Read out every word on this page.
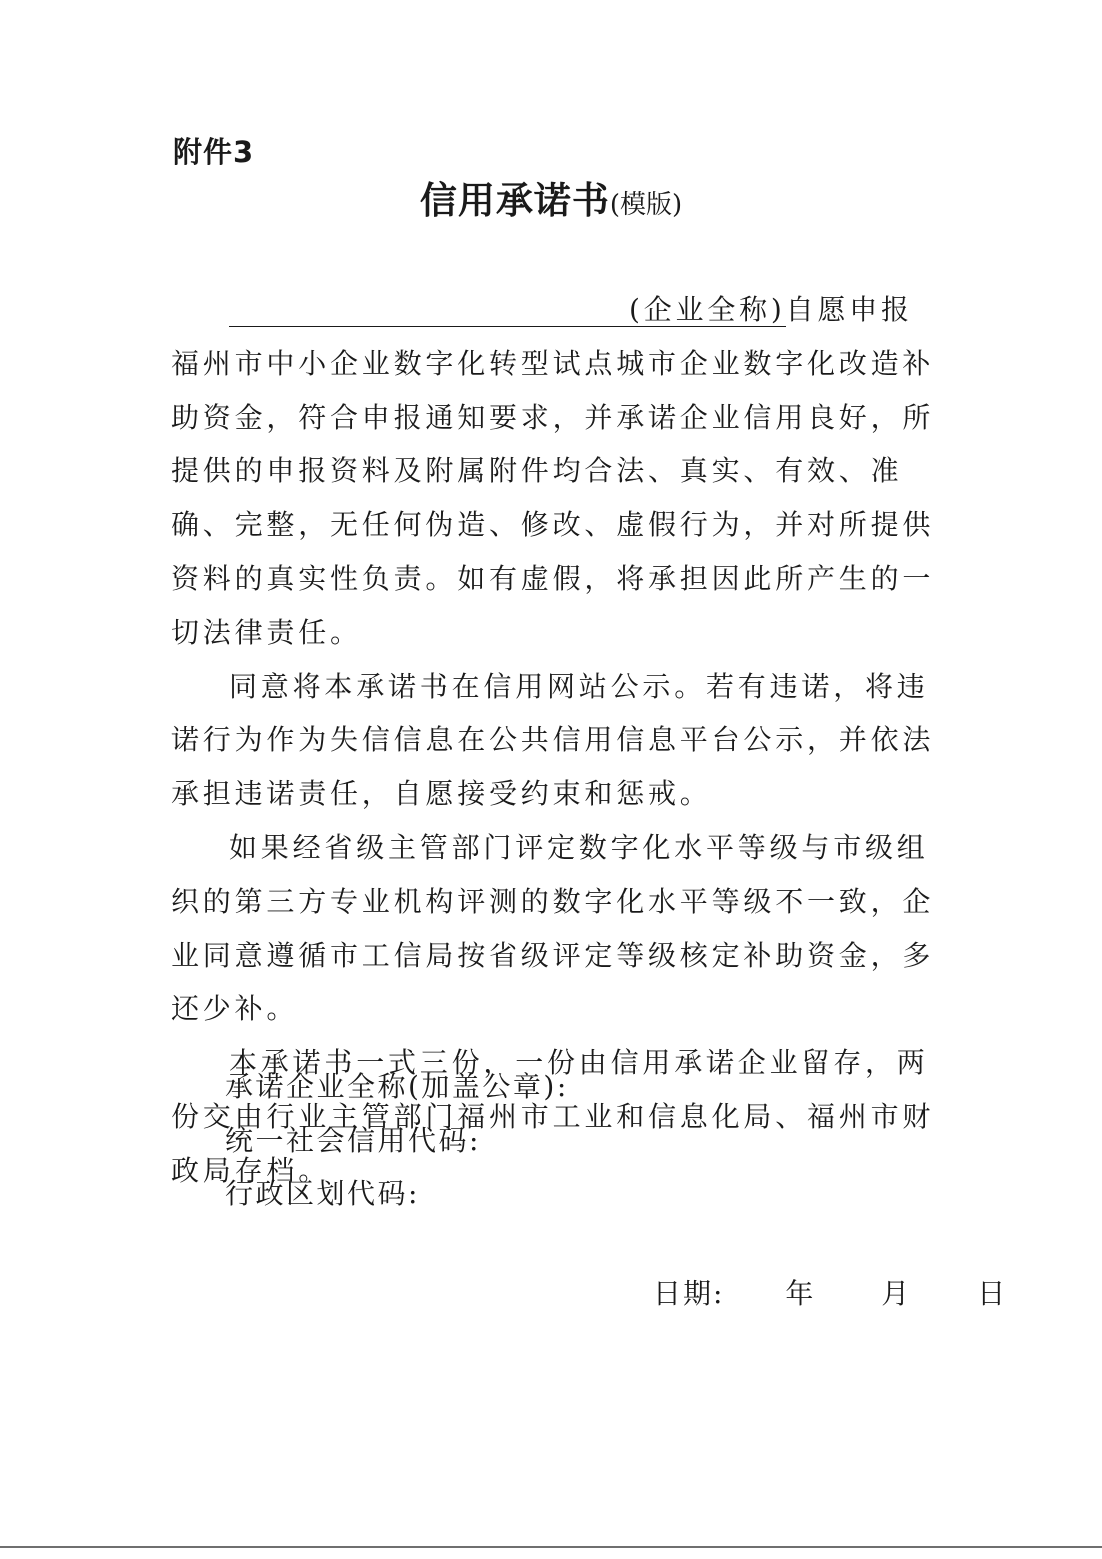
附件3
信用承诺书(模版)

(企业全称)自愿申报福州市中小企业数字化转型试点城市企业数字化改造补助资金，符合申报通知要求，并承诺企业信用良好，所提供的申报资料及附属附件均合法、真实、有效、准确、完整，无任何伪造、修改、虚假行为，并对所提供资料的真实性负责。如有虚假，将承担因此所产生的一切法律责任。

同意将本承诺书在信用网站公示。若有违诺，将违诺行为作为失信信息在公共信用信息平台公示，并依法承担违诺责任，自愿接受约束和惩戒。

如果经省级主管部门评定数字化水平等级与市级组织的第三方专业机构评测的数字化水平等级不一致，企业同意遵循市工信局按省级评定等级核定补助资金，多还少补。

本承诺书一式三份，一份由信用承诺企业留存，两份交由行业主管部门福州市工业和信息化局、福州市财政局存档。

承诺企业全称(加盖公章):
统一社会信用代码:
行政区划代码:
日期: 年 月 日
